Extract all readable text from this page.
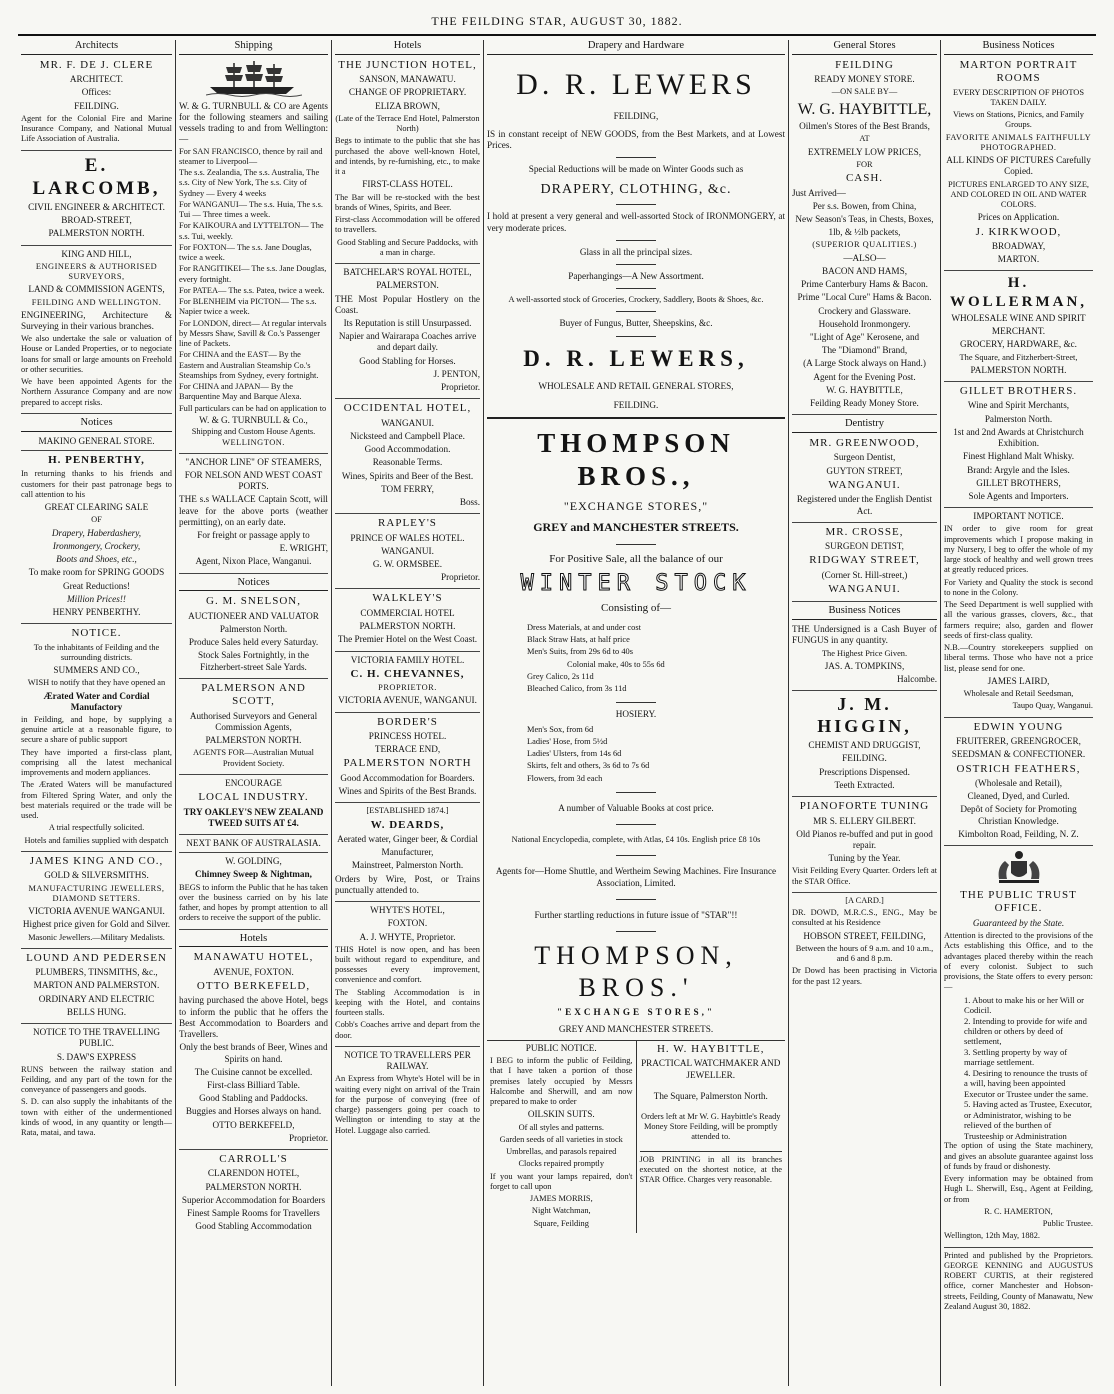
THE FEILDING STAR, AUGUST 30, 1882.
Architects

MR. F. DE J. CLERE

ARCHITECT.

Offices:

FEILDING.

Agent for the Colonial Fire and Marine Insurance Company, and National Mutual Life Association of Australia.

E. LARCOMB,

CIVIL ENGINEER & ARCHITECT.

BROAD-STREET,

PALMERSTON NORTH.

KING AND HILL,

ENGINEERS & AUTHORISED SURVEYORS,

LAND & COMMISSION AGENTS,

FEILDING AND WELLINGTON.

ENGINEERING, Architecture & Surveying in their various branches.

We also undertake the sale or valuation of House or Landed Properties, or to negociate loans for small or large amounts on Freehold or other securities.

We have been appointed Agents for the Northern Assurance Company and are now prepared to accept risks.

Notices
MAKINO GENERAL STORE.

H. PENBERTHY,

In returning thanks to his friends and customers for their past patronage begs to call attention to his

GREAT CLEARING SALE

OF

Drapery, Haberdashery,

Ironmongery, Crockery,

Boots and Shoes, etc.,

To make room for SPRING GOODS

Great Reductions!

Million Prices!!

HENRY PENBERTHY.

NOTICE.

To the inhabitants of Feilding and the surrounding districts.

SUMMERS AND CO.,

WISH to notify that they have opened an

Ærated Water and Cordial Manufactory

in Feilding, and hope, by supplying a genuine article at a reasonable figure, to secure a share of public support

They have imported a first-class plant, comprising all the latest mechanical improvements and modern appliances.

The Ærated Waters will be manufactured from Filtered Spring Water, and only the best materials required or the trade will be used.

A trial respectfully solicited.

Hotels and families supplied with despatch

JAMES KING AND CO.,

GOLD & SILVERSMITHS.

MANUFACTURING JEWELLERS, DIAMOND SETTERS.

VICTORIA AVENUE WANGANUI.

Highest price given for Gold and Silver.

Masonic Jewellers.—Military Medalists.

LOUND AND PEDERSEN

PLUMBERS, TINSMITHS, &c.,

MARTON AND PALMERSTON.

ORDINARY AND ELECTRIC

BELLS HUNG.

NOTICE TO THE TRAVELLING PUBLIC.

S. DAW'S EXPRESS

RUNS between the railway station and Feilding, and any part of the town for the conveyance of passengers and goods.

S. D. can also supply the inhabitants of the town with either of the undermentioned kinds of wood, in any quantity or length—Rata, matai, and tawa.

Shipping

W. & G. TURNBULL & CO are Agents for the following steamers and sailing vessels trading to and from Wellington:—

For SAN FRANCISCO, thence by rail and steamer to Liverpool—

The s.s. Zealandia, The s.s. Australia, The s.s. City of New York, The s.s. City of Sydney — Every 4 weeks

For WANGANUI— The s.s. Huia, The s.s. Tui — Three times a week.

For KAIKOURA and LYTTELTON— The s.s. Tui, weekly.

For FOXTON— The s.s. Jane Douglas, twice a week.

For RANGITIKEI— The s.s. Jane Douglas, every fortnight.

For PATEA— The s.s. Patea, twice a week.

For BLENHEIM via PICTON— The s.s. Napier twice a week.

For LONDON, direct— At regular intervals by Messrs Shaw, Savill & Co.'s Passenger line of Packets.

For CHINA and the EAST— By the Eastern and Australian Steamship Co.'s Steamships from Sydney, every fortnight.

For CHINA and JAPAN— By the Barquentine May and Barque Alexa.

Full particulars can be had on application to

W. & G. TURNBULL & Co.,

Shipping and Custom House Agents.

WELLINGTON.

"ANCHOR LINE" OF STEAMERS,

FOR NELSON AND WEST COAST PORTS.

THE s.s WALLACE Captain Scott, will leave for the above ports (weather permitting), on an early date.

For freight or passage apply to

E. WRIGHT,

Agent, Nixon Place, Wanganui.

Notices

G. M. SNELSON,

AUCTIONEER AND VALUATOR

Palmerston North.

Produce Sales held every Saturday.

Stock Sales Fortnightly, in the Fitzherbert-street Sale Yards.

PALMERSON AND SCOTT,

Authorised Surveyors and General Commission Agents,

PALMERSTON NORTH.

AGENTS FOR—Australian Mutual Provident Society.

ENCOURAGE

LOCAL INDUSTRY.

TRY OAKLEY'S NEW ZEALAND TWEED SUITS AT £4.

NEXT BANK OF AUSTRALASIA.

W. GOLDING,

Chimney Sweep & Nightman,

BEGS to inform the Public that he has taken over the business carried on by his late father, and hopes by prompt attention to all orders to receive the support of the public.

Hotels

MANAWATU HOTEL,

AVENUE, FOXTON.

OTTO BERKEFELD,

having purchased the above Hotel, begs to inform the public that he offers the Best Accommodation to Boarders and Travellers.

Only the best brands of Beer, Wines and Spirits on hand.

The Cuisine cannot be excelled.

First-class Billiard Table.

Good Stabling and Paddocks.

Buggies and Horses always on hand.

OTTO BERKEFELD,

Proprietor.

CARROLL'S

CLARENDON HOTEL,

PALMERSTON NORTH.

Superior Accommodation for Boarders

Finest Sample Rooms for Travellers

Good Stabling Accommodation

Hotels

THE JUNCTION HOTEL,

SANSON, MANAWATU.

CHANGE OF PROPRIETARY.

ELIZA BROWN,

(Late of the Terrace End Hotel, Palmerston North)

Begs to intimate to the public that she has purchased the above well-known Hotel, and intends, by re-furnishing, etc., to make it a

FIRST-CLASS HOTEL.

The Bar will be re-stocked with the best brands of Wines, Spirits, and Beer.

First-class Accommodation will be offered to travellers.

Good Stabling and Secure Paddocks, with a man in charge.

BATCHELAR'S ROYAL HOTEL,

PALMERSTON.

THE Most Popular Hostlery on the Coast.

Its Reputation is still Unsurpassed.

Napier and Wairarapa Coaches arrive and depart daily.

Good Stabling for Horses.

J. PENTON,

Proprietor.

OCCIDENTAL HOTEL,

WANGANUI.

Nicksteed and Campbell Place.

Good Accommodation.

Reasonable Terms.

Wines, Spirits and Beer of the Best.

TOM FERRY,

Boss.

RAPLEY'S

PRINCE OF WALES HOTEL.

WANGANUI.

G. W. ORMSBEE.

Proprietor.

WALKLEY'S

COMMERCIAL HOTEL

PALMERSTON NORTH.

The Premier Hotel on the West Coast.

VICTORIA FAMILY HOTEL.

C. H. CHEVANNES,

PROPRIETOR.

VICTORIA AVENUE, WANGANUI.

BORDER'S

PRINCESS HOTEL.

TERRACE END,

PALMERSTON NORTH

Good Accommodation for Boarders.

Wines and Spirits of the Best Brands.

[ESTABLISHED 1874.]

W. DEARDS,

Aerated water, Ginger beer, & Cordial

Manufacturer,

Mainstreet, Palmerston North.

Orders by Wire, Post, or Trains punctually attended to.

WHYTE'S HOTEL,

FOXTON.

A. J. WHYTE, Proprietor.

THIS Hotel is now open, and has been built without regard to expenditure, and possesses every improvement, convenience and comfort.

The Stabling Accommodation is in keeping with the Hotel, and contains fourteen stalls.

Cobb's Coaches arrive and depart from the door.

NOTICE TO TRAVELLERS PER RAILWAY.

An Express from Whyte's Hotel will be in waiting every night on arrival of the Train for the purpose of conveying (free of charge) passengers going per coach to Wellington or intending to stay at the Hotel. Luggage also carried.

Drapery and Hardware
D. R. LEWERS

FEILDING,

IS in constant receipt of NEW GOODS, from the Best Markets, and at Lowest Prices.

Special Reductions will be made on Winter Goods such as

DRAPERY, CLOTHING, &c.

I hold at present a very general and well-assorted Stock of IRONMONGERY, at very moderate prices.

Glass in all the principal sizes.

Paperhangings—A New Assortment.

A well-assorted stock of Groceries, Crockery, Saddlery, Boots & Shoes, &c.

Buyer of Fungus, Butter, Sheepskins, &c.

D. R. LEWERS,

WHOLESALE AND RETAIL GENERAL STORES,

FEILDING.

THOMPSON BROS.,

"EXCHANGE STORES,"

GREY and MANCHESTER STREETS.

For Positive Sale, all the balance of our

WINTER STOCK

Consisting of—

Dress Materials, at and under cost

Black Straw Hats, at half price

Men's Suits, from 29s 6d to 40s

Colonial make, 40s to 55s 6d

Grey Calico, 2s 11d

Bleached Calico, from 3s 11d

HOSIERY.

Men's Sox, from 6d

Ladies' Hose, from 5½d

Ladies' Ulsters, from 14s 6d

Skirts, felt and others, 3s 6d to 7s 6d

Flowers, from 3d each

A number of Valuable Books at cost price.

National Encyclopedia, complete, with Atlas, £4 10s. English price £8 10s

Agents for—Home Shuttle, and Wertheim Sewing Machines. Fire Insurance Association, Limited.

Further startling reductions in future issue of "STAR"!!

THOMPSON, BROS.'

"EXCHANGE STORES,"

GREY AND MANCHESTER STREETS.

PUBLIC NOTICE.

I BEG to inform the public of Feilding, that I have taken a portion of those premises lately occupied by Messrs Halcombe and Sherwill, and am now prepared to make to order

OILSKIN SUITS.

Of all styles and patterns.

Garden seeds of all varieties in stock

Umbrellas, and parasols repaired

Clocks repaired promptly

If you want your lamps repaired, don't forget to call upon

JAMES MORRIS,

Night Watchman,

Square, Feilding

H. W. HAYBITTLE,

PRACTICAL WATCHMAKER AND JEWELLER.

The Square, Palmerston North.

Orders left at Mr W. G. Haybittle's Ready Money Store Feilding, will be promptly attended to.

JOB PRINTING in all its branches executed on the shortest notice, at the STAR Office. Charges very reasonable.

General Stores

FEILDING

READY MONEY STORE.

—ON SALE BY—

W. G. HAYBITTLE,

Oilmen's Stores of the Best Brands,

AT

EXTREMELY LOW PRICES,

FOR

CASH.

Just Arrived—

Per s.s. Bowen, from China,

New Season's Teas, in Chests, Boxes,

1lb, & ½lb packets,

(SUPERIOR QUALITIES.)

—ALSO—

BACON AND HAMS,

Prime Canterbury Hams & Bacon.

Prime "Local Cure" Hams & Bacon.

Crockery and Glassware.

Household Ironmongery.

"Light of Age" Kerosene, and

The "Diamond" Brand,

(A Large Stock always on Hand.)

Agent for the Evening Post.

W. G. HAYBITTLE,

Feilding Ready Money Store.

Dentistry

MR. GREENWOOD,

Surgeon Dentist,

GUYTON STREET,

WANGANUI.

Registered under the English Dentist Act.

MR. CROSSE,

SURGEON DETIST,

RIDGWAY STREET,

(Corner St. Hill-street,)

WANGANUI.

Business Notices

THE Undersigned is a Cash Buyer of FUNGUS in any quantity.

The Highest Price Given.

JAS. A. TOMPKINS,

Halcombe.

J. M. HIGGIN,

CHEMIST AND DRUGGIST,

FEILDING.

Prescriptions Dispensed.

Teeth Extracted.

PIANOFORTE TUNING

MR S. ELLERY GILBERT.

Old Pianos re-buffed and put in good repair.

Tuning by the Year.

Visit Feilding Every Quarter. Orders left at the STAR Office.

[A CARD.]

DR. DOWD, M.R.C.S., ENG., May be consulted at his Residence

HOBSON STREET, FEILDING,

Between the hours of 9 a.m. and 10 a.m., and 6 and 8 p.m.

Dr Dowd has been practising in Victoria for the past 12 years.

Business Notices

MARTON PORTRAIT ROOMS

EVERY DESCRIPTION OF PHOTOS TAKEN DAILY.

Views on Stations, Picnics, and Family Groups.

FAVORITE ANIMALS FAITHFULLY PHOTOGRAPHED.

ALL KINDS OF PICTURES Carefully Copied.

PICTURES ENLARGED TO ANY SIZE, AND COLORED IN OIL AND WATER COLORS.

Prices on Application.

J. KIRKWOOD,

BROADWAY,

MARTON.

H. WOLLERMAN,

WHOLESALE WINE AND SPIRIT

MERCHANT.

GROCERY, HARDWARE, &c.

The Square, and Fitzherbert-Street,

PALMERSTON NORTH.

GILLET BROTHERS.

Wine and Spirit Merchants,

Palmerston North.

1st and 2nd Awards at Christchurch Exhibition.

Finest Highland Malt Whisky.

Brand: Argyle and the Isles.

GILLET BROTHERS,

Sole Agents and Importers.

IMPORTANT NOTICE.

IN order to give room for great improvements which I propose making in my Nursery, I beg to offer the whole of my large stock of healthy and well grown trees at greatly reduced prices.

For Variety and Quality the stock is second to none in the Colony.

The Seed Department is well supplied with all the various grasses, clovers, &c., that farmers require; also, garden and flower seeds of first-class quality.

N.B.—Country storekeepers supplied on liberal terms. Those who have not a price list, please send for one.

JAMES LAIRD,

Wholesale and Retail Seedsman,

Taupo Quay, Wanganui.

EDWIN YOUNG

FRUITERER, GREENGROCER,

SEEDSMAN & CONFECTIONER.

OSTRICH FEATHERS,

(Wholesale and Retail),

Cleaned, Dyed, and Curled.

Depôt of Society for Promoting Christian Knowledge.

Kimbolton Road, Feilding, N. Z.

THE PUBLIC TRUST OFFICE.

Guaranteed by the State.

Attention is directed to the provisions of the Acts establishing this Office, and to the advantages placed thereby within the reach of every colonist. Subject to such provisions, the State offers to every person:—

1. About to make his or her Will or Codicil.

2. Intending to provide for wife and children or others by deed of settlement,

3. Settling property by way of marriage settlement.

4. Desiring to renounce the trusts of a will, having been appointed Executor or Trustee under the same.

5. Having acted as Trustee, Executor, or Administrator, wishing to be relieved of the burthen of Trusteeship or Administration

The option of using the State machinery, and gives an absolute guarantee against loss of funds by fraud or dishonesty.

Every information may be obtained from Hugh L. Sherwill, Esq., Agent at Feilding, or from

R. C. HAMERTON,

Public Trustee.

Wellington, 12th May, 1882.

Printed and published by the Proprietors. GEORGE KENNING and AUGUSTUS ROBERT CURTIS, at their registered office, corner Manchester and Hobson-streets, Feilding, County of Manawatu, New Zealand August 30, 1882.
